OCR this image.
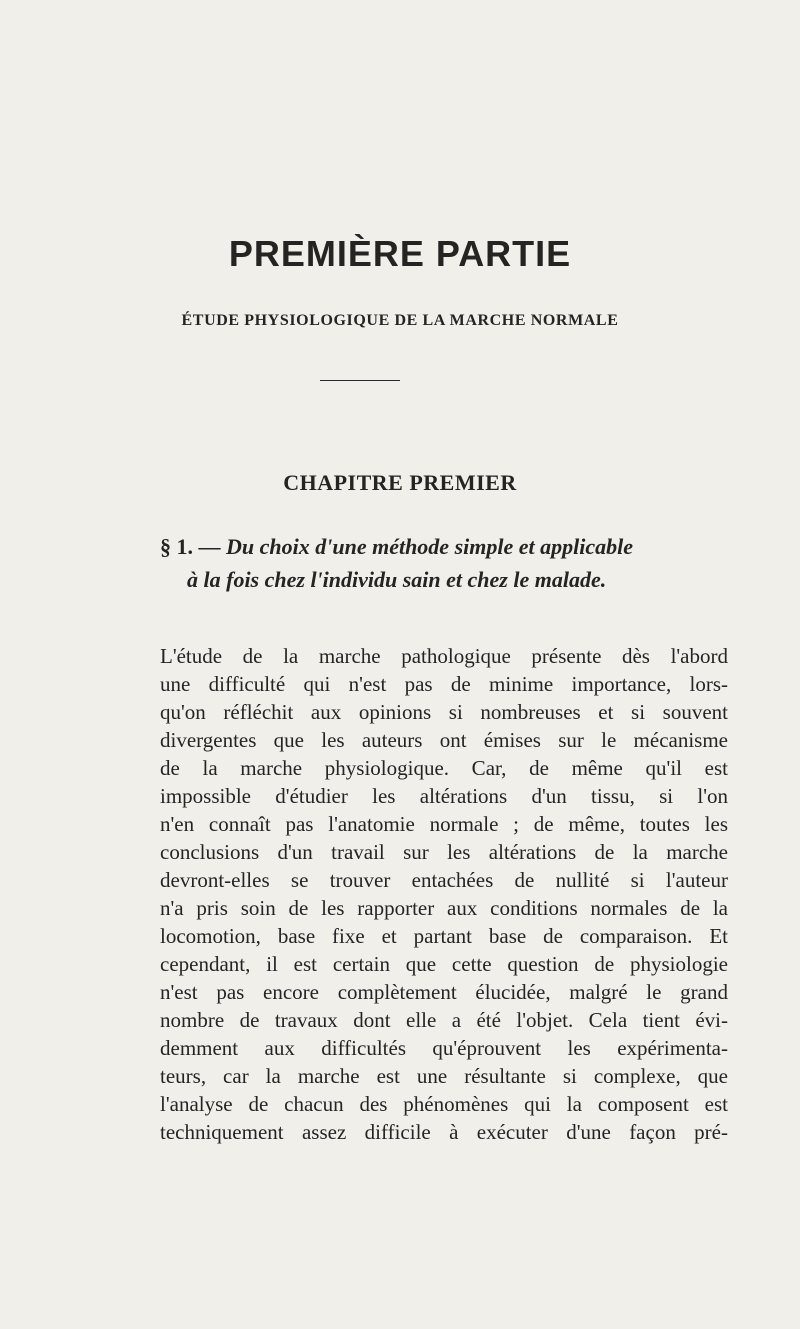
PREMIÈRE PARTIE
ÉTUDE PHYSIOLOGIQUE DE LA MARCHE NORMALE
CHAPITRE PREMIER
§ 1. — Du choix d'une méthode simple et applicable
à la fois chez l'individu sain et chez le malade.
L'étude de la marche pathologique présente dès l'abord
une difficulté qui n'est pas de minime importance, lors-
qu'on réfléchit aux opinions si nombreuses et si souvent
divergentes que les auteurs ont émises sur le mécanisme
de la marche physiologique. Car, de même qu'il est
impossible d'étudier les altérations d'un tissu, si l'on
n'en connaît pas l'anatomie normale ; de même, toutes les
conclusions d'un travail sur les altérations de la marche
devront-elles se trouver entachées de nullité si l'auteur
n'a pris soin de les rapporter aux conditions normales de la
locomotion, base fixe et partant base de comparaison. Et
cependant, il est certain que cette question de physiologie
n'est pas encore complètement élucidée, malgré le grand
nombre de travaux dont elle a été l'objet. Cela tient évi-
demment aux difficultés qu'éprouvent les expérimenta-
teurs, car la marche est une résultante si complexe, que
l'analyse de chacun des phénomènes qui la composent est
techniquement assez difficile à exécuter d'une façon pré-
